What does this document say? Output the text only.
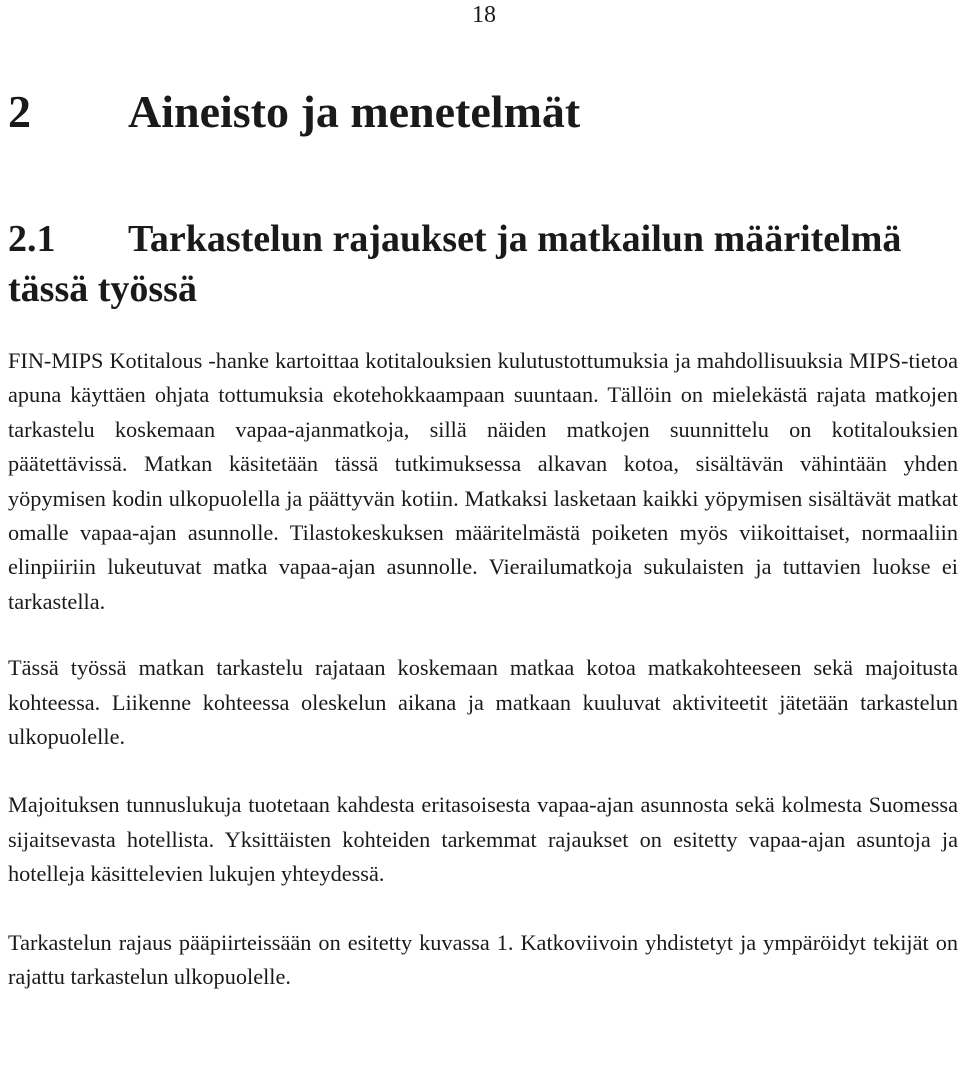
18
2 Aineisto ja menetelmät
2.1 Tarkastelun rajaukset ja matkailun määritelmä tässä työssä

FIN-MIPS Kotitalous -hanke kartoittaa kotitalouksien kulutustottumuksia ja mahdollisuuksia MIPS-tietoa apuna käyttäen ohjata tottumuksia ekotehokkaampaan suuntaan. Tällöin on mielekästä rajata matkojen tarkastelu koskemaan vapaa-ajanmatkoja, sillä näiden matkojen suunnittelu on kotitalouksien päätettävissä. Matkan käsitetään tässä tutkimuksessa alkavan kotoa, sisältävän vähintään yhden yöpymisen kodin ulkopuolella ja päättyvän kotiin. Matkaksi lasketaan kaikki yöpymisen sisältävät matkat omalle vapaa-ajan asunnolle. Tilastokeskuksen määritelmästä poiketen myös viikoittaiset, normaaliin elinpiiriin lukeutuvat matka vapaa-ajan asunnolle. Vierailumatkoja sukulaisten ja tuttavien luokse ei tarkastella.

Tässä työssä matkan tarkastelu rajataan koskemaan matkaa kotoa matkakohteeseen sekä majoitusta kohteessa. Liikenne kohteessa oleskelun aikana ja matkaan kuuluvat aktiviteetit jätetään tarkastelun ulkopuolelle.

Majoituksen tunnuslukuja tuotetaan kahdesta eritasoisesta vapaa-ajan asunnosta sekä kolmesta Suomessa sijaitsevasta hotellista. Yksittäisten kohteiden tarkemmat rajaukset on esitetty vapaa-ajan asuntoja ja hotelleja käsittelevien lukujen yhteydessä.

Tarkastelun rajaus pääpiirteissään on esitetty kuvassa 1. Katkoviivoin yhdistetyt ja ympäröidyt tekijät on rajattu tarkastelun ulkopuolelle.
